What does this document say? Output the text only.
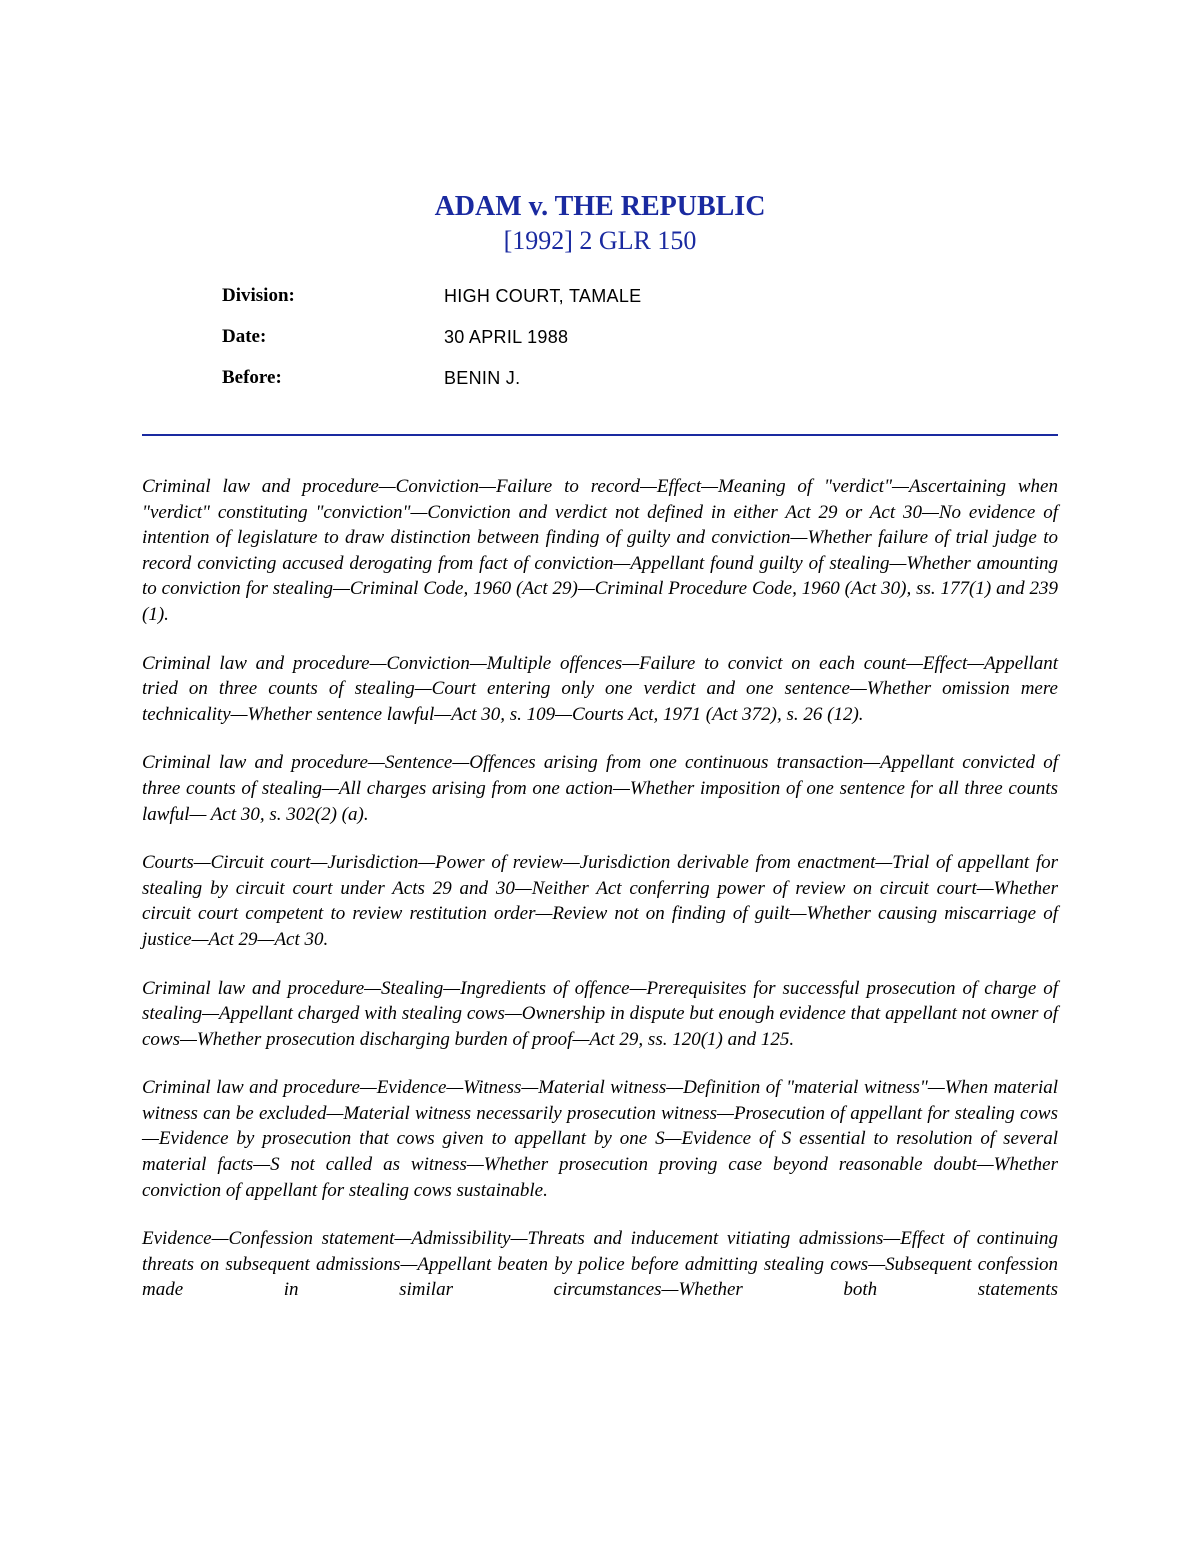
ADAM v. THE REPUBLIC
[1992] 2 GLR 150
Division:	HIGH COURT, TAMALE
Date:	30 APRIL 1988
Before:	BENIN J.

Criminal law and procedure—Conviction—Failure to record—Effect—Meaning of "verdict"—Ascertaining when "verdict" constituting "conviction"—Conviction and verdict not defined in either Act 29 or Act 30—No evidence of intention of legislature to draw distinction between finding of guilty and conviction—Whether failure of trial judge to record convicting accused derogating from fact of conviction—Appellant found guilty of stealing—Whether amounting to conviction for stealing—Criminal Code, 1960 (Act 29)—Criminal Procedure Code, 1960 (Act 30), ss. 177(1) and 239 (1).

Criminal law and procedure—Conviction—Multiple offences—Failure to convict on each count—Effect—Appellant tried on three counts of stealing—Court entering only one verdict and one sentence—Whether omission mere technicality—Whether sentence lawful—Act 30, s. 109—Courts Act, 1971 (Act 372), s. 26 (12).

Criminal law and procedure—Sentence—Offences arising from one continuous transaction—Appellant convicted of three counts of stealing—All charges arising from one action—Whether imposition of one sentence for all three counts lawful— Act 30, s. 302(2) (a).

Courts—Circuit court—Jurisdiction—Power of review—Jurisdiction derivable from enactment—Trial of appellant for stealing by circuit court under Acts 29 and 30—Neither Act conferring power of review on circuit court—Whether circuit court competent to review restitution order—Review not on finding of guilt—Whether causing miscarriage of justice—Act 29—Act 30.

Criminal law and procedure—Stealing—Ingredients of offence—Prerequisites for successful prosecution of charge of stealing—Appellant charged with stealing cows—Ownership in dispute but enough evidence that appellant not owner of cows—Whether prosecution discharging burden of proof—Act 29, ss. 120(1) and 125.

Criminal law and procedure—Evidence—Witness—Material witness—Definition of "material witness"—When material witness can be excluded—Material witness necessarily prosecution witness—Prosecution of appellant for stealing cows—Evidence by prosecution that cows given to appellant by one S—Evidence of S essential to resolution of several material facts—S not called as witness—Whether prosecution proving case beyond reasonable doubt—Whether conviction of appellant for stealing cows sustainable.

Evidence—Confession statement—Admissibility—Threats and inducement vitiating admissions—Effect of continuing threats on subsequent admissions—Appellant beaten by police before admitting stealing cows—Subsequent confession made in similar circumstances—Whether both statements
